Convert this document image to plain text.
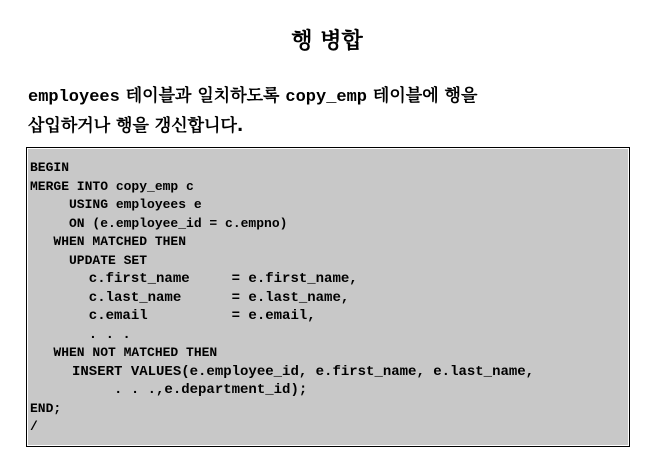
행 병합
employees 테이블과 일치하도록 copy_emp 테이블에 행을
삽입하거나 행을 갱신합니다.
BEGIN
MERGE INTO copy_emp c
USING employees e
ON (e.employee_id = c.empno)
WHEN MATCHED THEN
UPDATE SET
c.first_name     = e.first_name,
c.last_name      = e.last_name,
c.email          = e.email,
. . .
WHEN NOT MATCHED THEN
INSERT VALUES(e.employee_id, e.first_name, e.last_name,
. . .,e.department_id);
END;
/
